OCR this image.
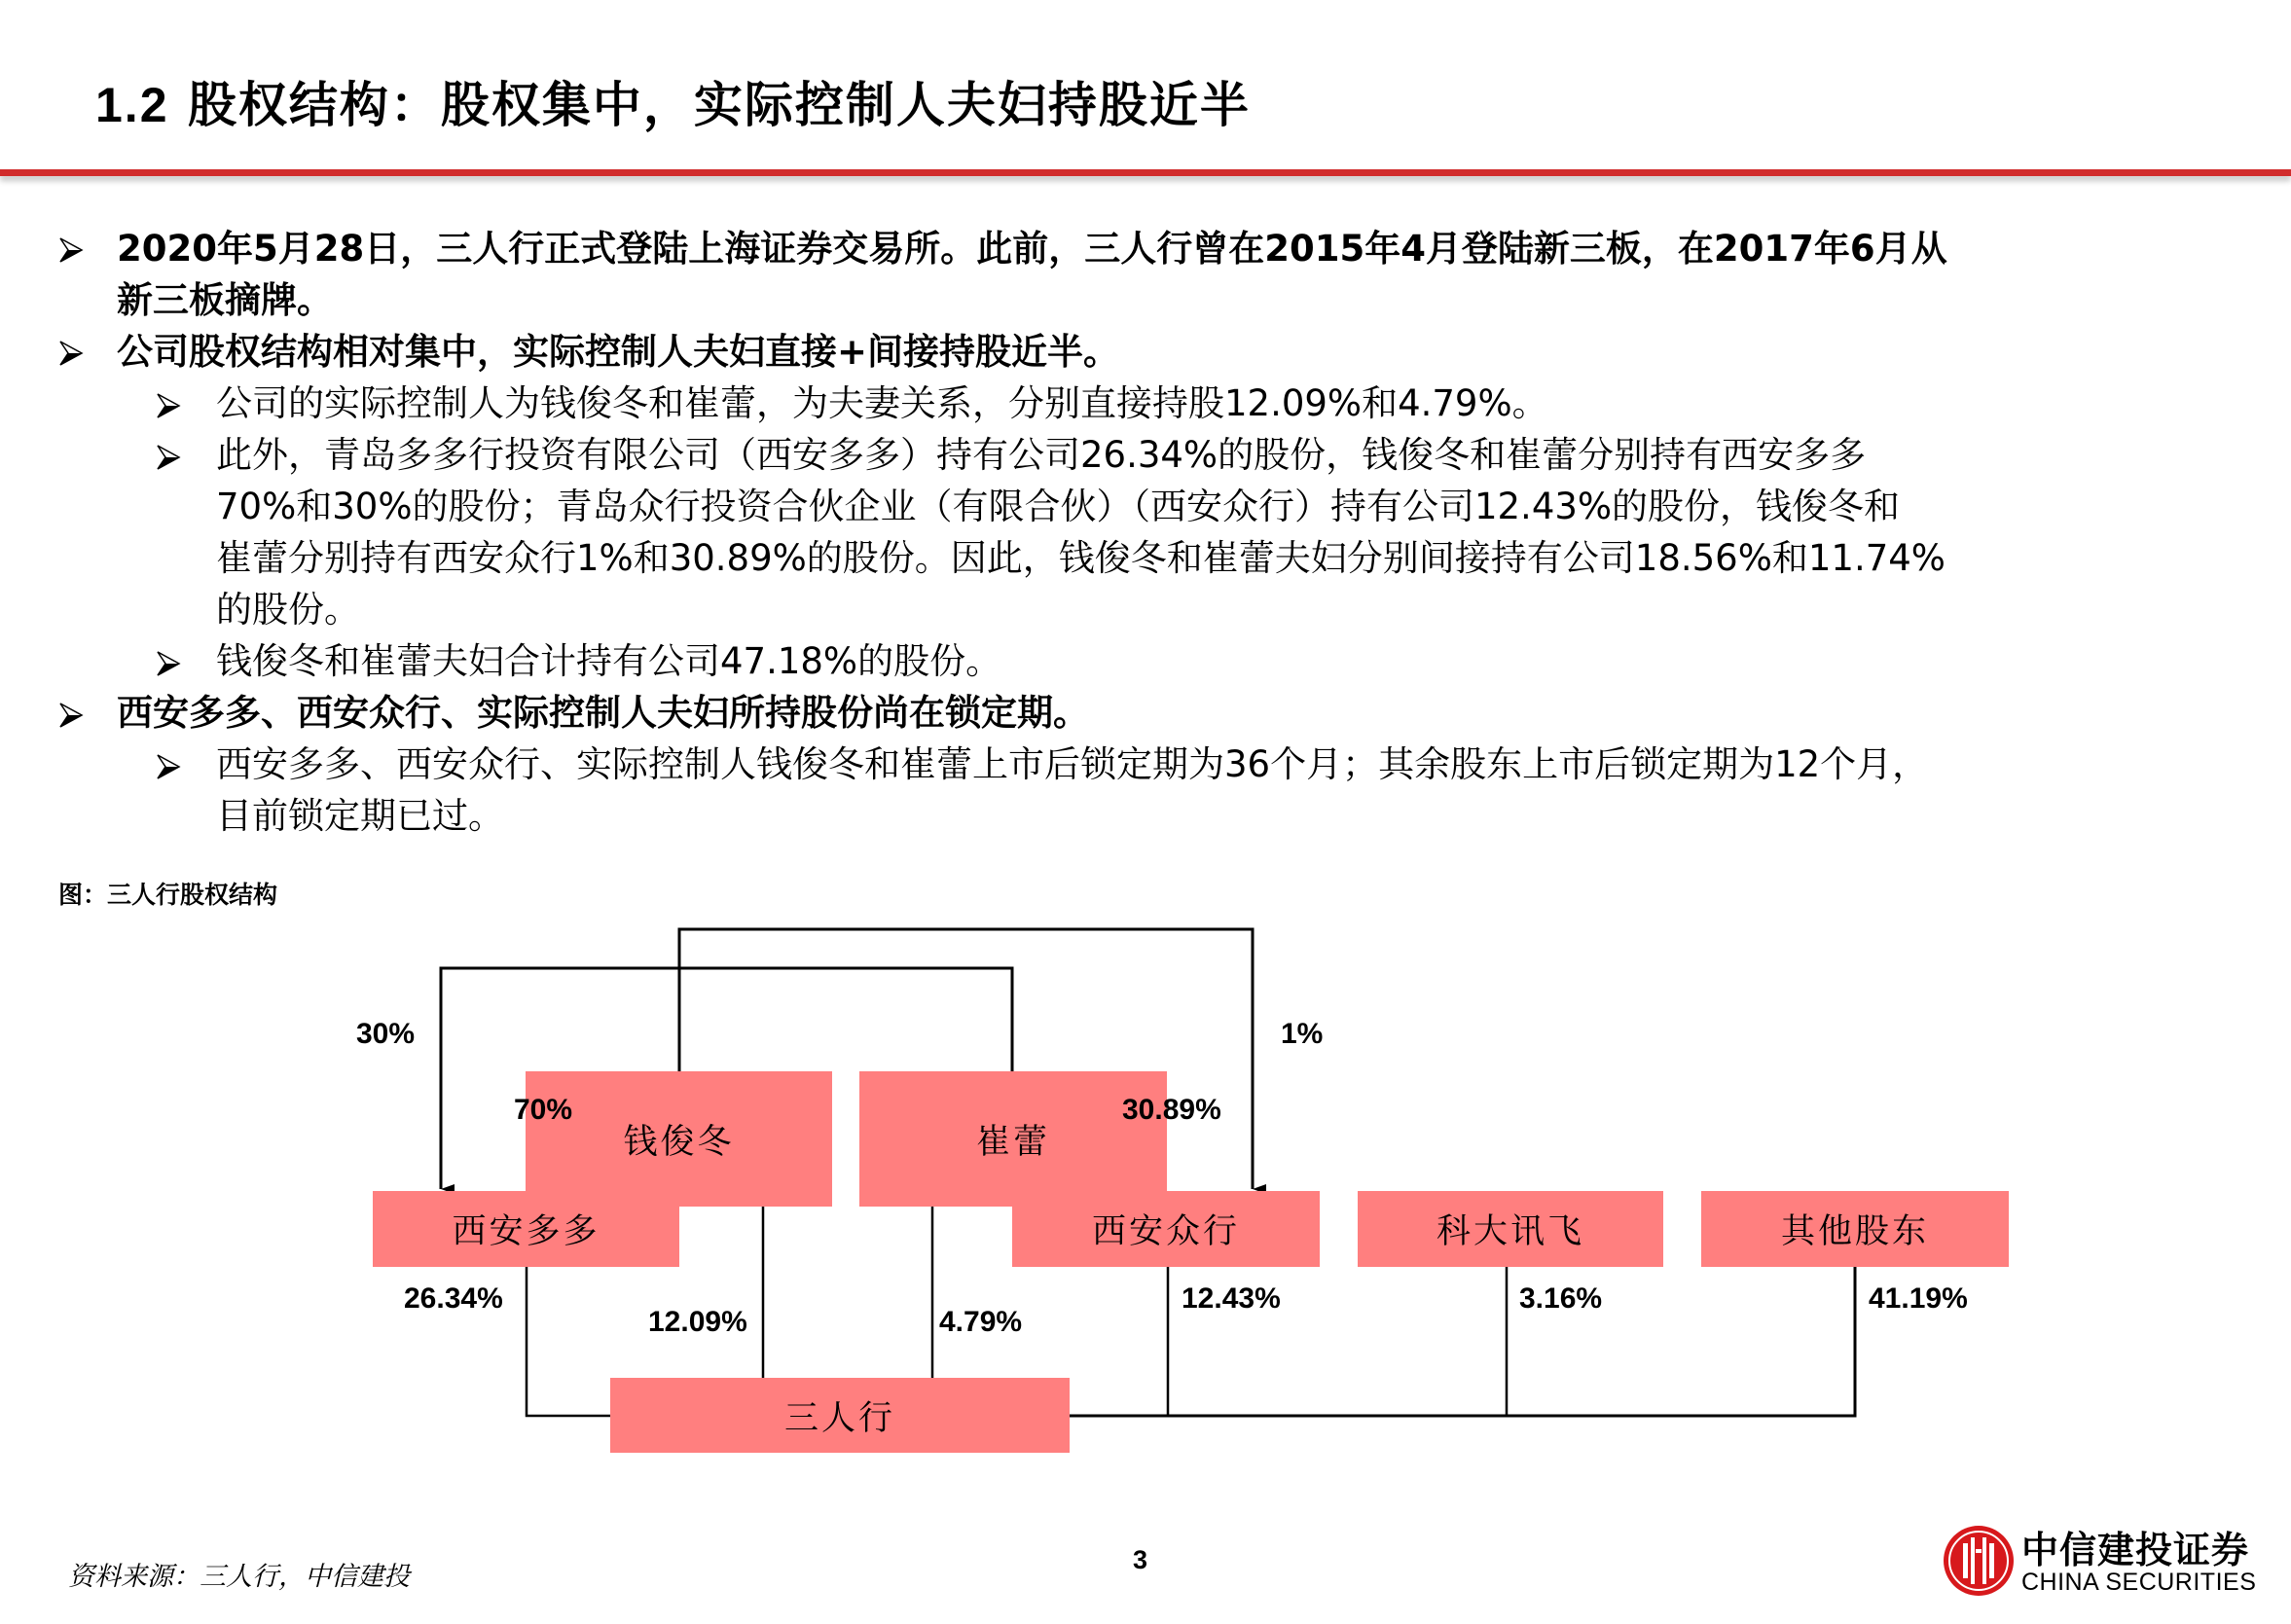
1.2 股权结构：股权集中，实际控制人夫妇持股近半
2020年5月28日，三人行正式登陆上海证券交易所。此前，三人行曾在2015年4月登陆新三板，在2017年6月从
新三板摘牌。
公司股权结构相对集中，实际控制人夫妇直接+间接持股近半。
公司的实际控制人为钱俊冬和崔蕾，为夫妻关系，分别直接持股12.09%和4.79%。
此外，青岛多多行投资有限公司（西安多多）持有公司26.34%的股份，钱俊冬和崔蕾分别持有西安多多
70%和30%的股份；青岛众行投资合伙企业（有限合伙）（西安众行）持有公司12.43%的股份，钱俊冬和
崔蕾分别持有西安众行1%和30.89%的股份。因此，钱俊冬和崔蕾夫妇分别间接持有公司18.56%和11.74%
的股份。
钱俊冬和崔蕾夫妇合计持有公司47.18%的股份。
西安多多、西安众行、实际控制人夫妇所持股份尚在锁定期。
西安多多、西安众行、实际控制人钱俊冬和崔蕾上市后锁定期为36个月；其余股东上市后锁定期为12个月，
目前锁定期已过。
图：三人行股权结构
钱俊冬	崔蕾
西安多多	西安众行	科大讯飞	其他股东
三人行
30%	1%
70%	30.89%
26.34%
12.09%	4.79%
12.43%	3.16%	41.19%
资料来源：三人行，中信建投
3	中信建投证券
CHINA SECURITIES
